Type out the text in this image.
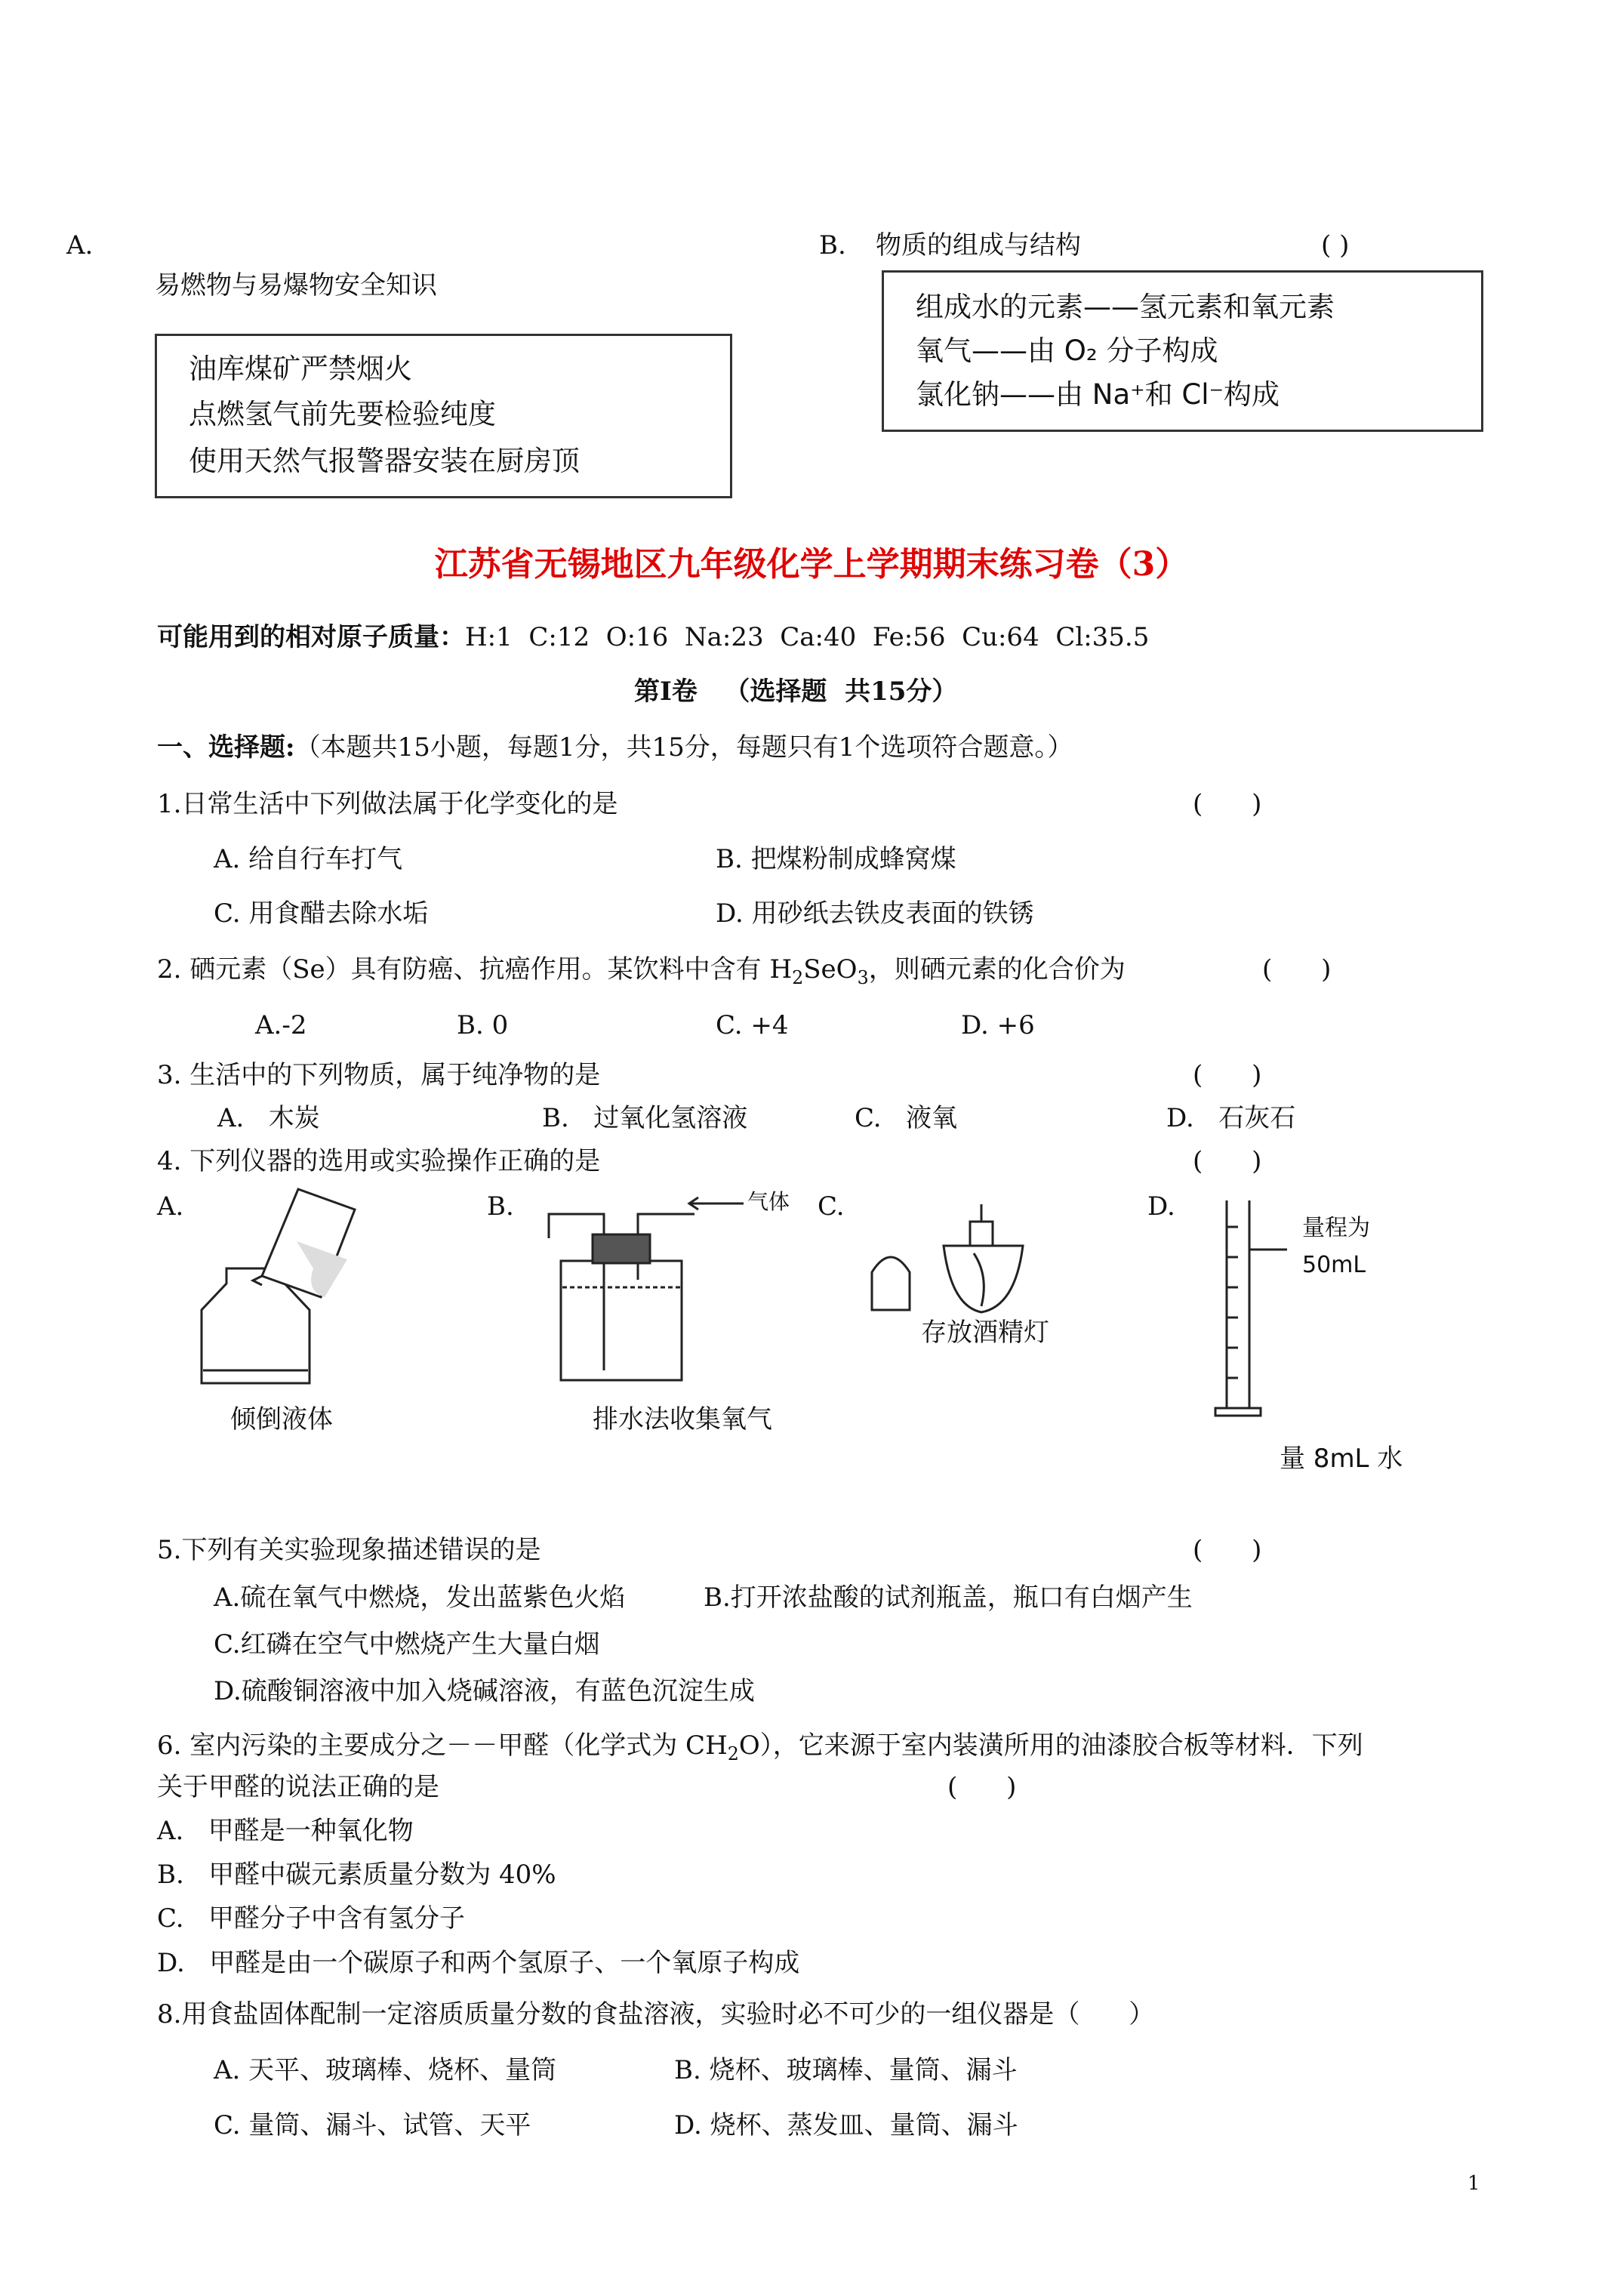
A.
易燃物与易爆物安全知识
油库煤矿严禁烟火
点燃氢气前先要检验纯度
使用天然气报警器安装在厨房顶
B. 物质的组成与结构	( )
组成水的元素——氢元素和氧元素
氧气——由 O₂ 分子构成
氯化钠——由 Na⁺和 Cl⁻构成
江苏省无锡地区九年级化学上学期期末练习卷（3）
可能用到的相对原子质量：H:1  C:12  O:16  Na:23  Ca:40  Fe:56  Cu:64  Cl:35.5
第Ⅰ卷   （选择题  共15分）
一、选择题:（本题共15小题，每题1分，共15分，每题只有1个选项符合题意。）
1.日常生活中下列做法属于化学变化的是	(      )
A. 给自行车打气	B. 把煤粉制成蜂窝煤
C. 用食醋去除水垢	D. 用砂纸去铁皮表面的铁锈
2. 硒元素（Se）具有防癌、抗癌作用。某饮料中含有 $H_2SeO_3$，则硒元素的化合价为	(      )
A.-2	B. 0	C. +4	D. +6
3. 生活中的下列物质，属于纯净物的是	(      )
A.   木炭	B.   过氧化氢溶液	C.   液氧	D.   石灰石
4. 下列仪器的选用或实验操作正确的是	(      )
A.	B.	C.	D.
倾倒液体
气体
排水法收集氧气
存放酒精灯
量程为
50mL
量 8mL 水
5.下列有关实验现象描述错误的是	(      )
A.硫在氧气中燃烧，发出蓝紫色火焰	B.打开浓盐酸的试剂瓶盖，瓶口有白烟产生
C.红磷在空气中燃烧产生大量白烟
D.硫酸铜溶液中加入烧碱溶液，有蓝色沉淀生成
6. 室内污染的主要成分之－－甲醛（化学式为 $CH_2O$），它来源于室内装潢所用的油漆胶合板等材料．下列
关于甲醛的说法正确的是	(      )
A.   甲醛是一种氧化物
B.   甲醛中碳元素质量分数为 40%
C.   甲醛分子中含有氢分子
D.   甲醛是由一个碳原子和两个氢原子、一个氧原子构成
8.用食盐固体配制一定溶质质量分数的食盐溶液，实验时必不可少的一组仪器是（      ）
A. 天平、玻璃棒、烧杯、量筒	B. 烧杯、玻璃棒、量筒、漏斗
C. 量筒、漏斗、试管、天平	D. 烧杯、蒸发皿、量筒、漏斗
1
